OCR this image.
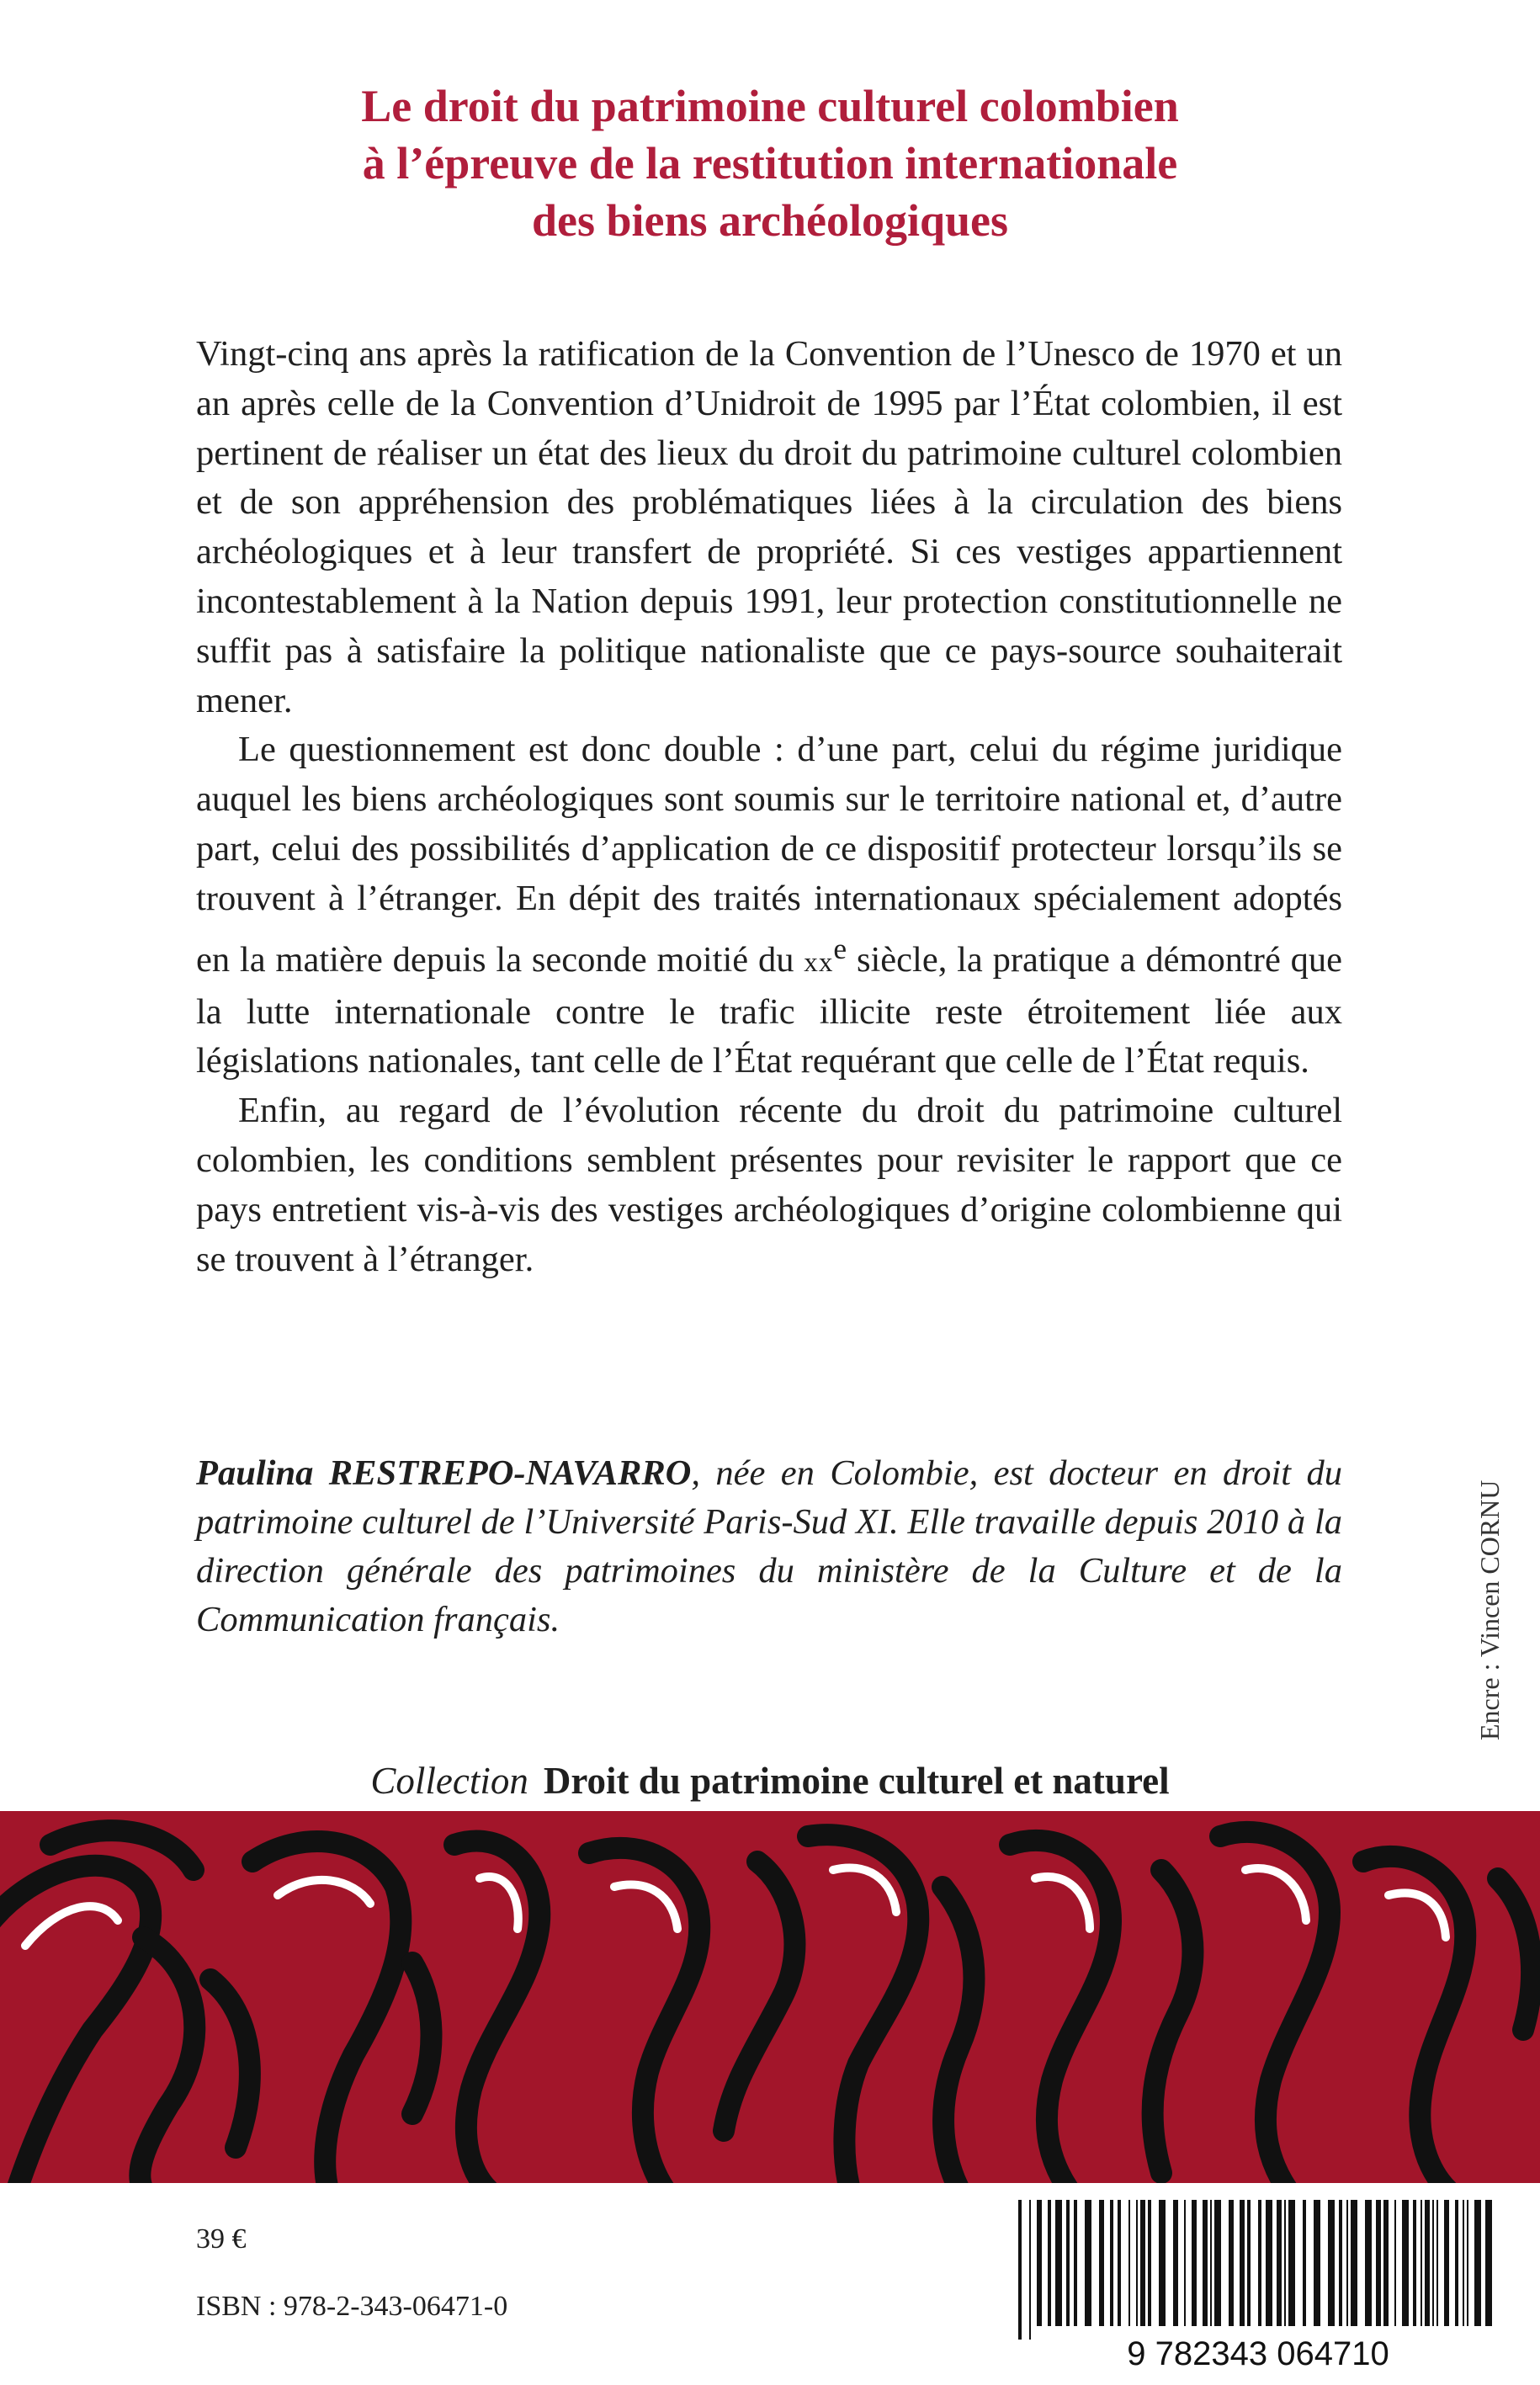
Le droit du patrimoine culturel colombien
à l’épreuve de la restitution internationale
des biens archéologiques

Vingt-cinq ans après la ratification de la Convention de l’Unesco de 1970 et un an après celle de la Convention d’Unidroit de 1995 par l’État colombien, il est pertinent de réaliser un état des lieux du droit du patrimoine culturel colombien et de son appréhension des problématiques liées à la circulation des biens archéologiques et à leur transfert de propriété. Si ces vestiges appartiennent incontestablement à la Nation depuis 1991, leur protection constitutionnelle ne suffit pas à satisfaire la politique nationaliste que ce pays-source souhaiterait mener.

Le questionnement est donc double : d’une part, celui du régime juridique auquel les biens archéologiques sont soumis sur le territoire national et, d’autre part, celui des possibilités d’application de ce dispositif protecteur lorsqu’ils se trouvent à l’étranger. En dépit des traités internationaux spécialement adoptés en la matière depuis la seconde moitié du $xx^e$ siècle, la pratique a démontré que la lutte internationale contre le trafic illicite reste étroitement liée aux législations nationales, tant celle de l’État requérant que celle de l’État requis.

Enfin, au regard de l’évolution récente du droit du patrimoine culturel colombien, les conditions semblent présentes pour revisiter le rapport que ce pays entretient vis-à-vis des vestiges archéologiques d’origine colombienne qui se trouvent à l’étranger.

Paulina RESTREPO-NAVARRO, née en Colombie, est docteur en droit du patrimoine culturel de l’Université Paris-Sud XI. Elle travaille depuis 2010 à la direction générale des patrimoines du ministère de la Culture et de la Communication français.	Encre : Vincen CORNU

Collection Droit du patrimoine culturel et naturel

39 €

ISBN : 978-2-343-06471-0

9 782343 064710
